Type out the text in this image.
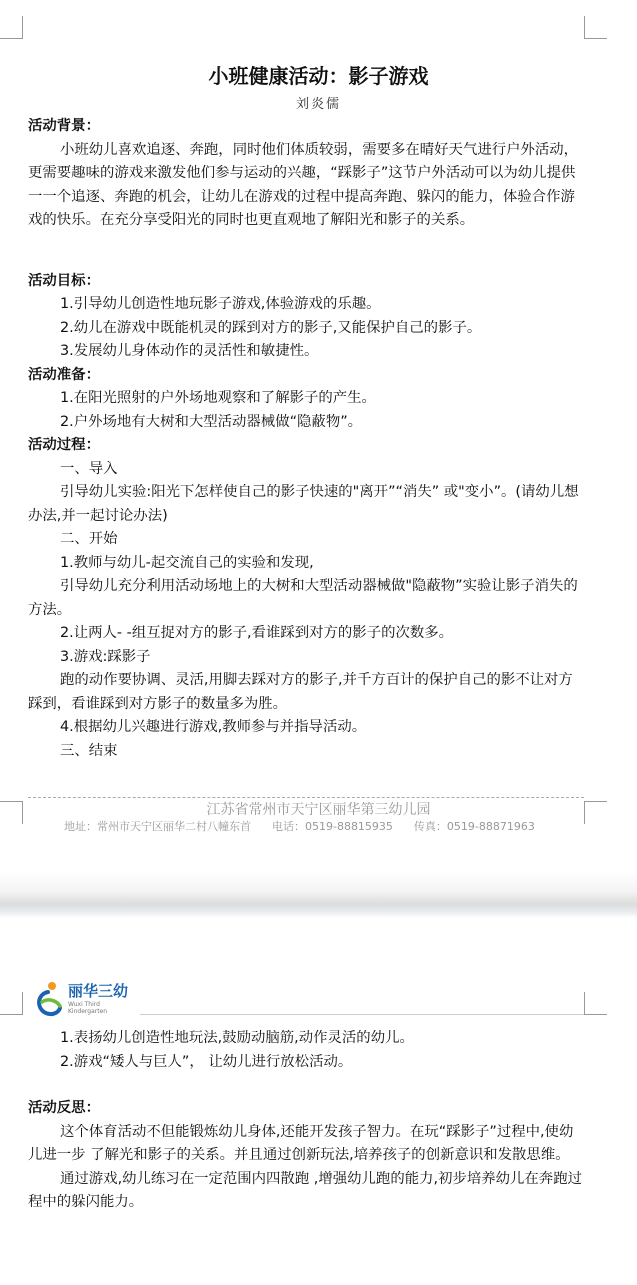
小班健康活动：影子游戏
刘炎儒

活动背景：

小班幼儿喜欢追逐、奔跑，同时他们体质较弱，需要多在晴好天气进行户外活动，更需要趣味的游戏来激发他们参与运动的兴趣，“踩影子”这节户外活动可以为幼儿提供一一个追逐、奔跑的机会，让幼儿在游戏的过程中提高奔跑、躲闪的能力，体验合作游戏的快乐。在充分享受阳光的同时也更直观地了解阳光和影子的关系。

活动目标：

1.引导幼儿创造性地玩影子游戏,体验游戏的乐趣。

2.幼儿在游戏中既能机灵的踩到对方的影子,又能保护自己的影子。

3.发展幼儿身体动作的灵活性和敏捷性。

活动准备：

1.在阳光照射的户外场地观察和了解影子的产生。

2.户外场地有大树和大型活动器械做“隐蔽物”。

活动过程：

一、导入

引导幼儿实验:阳光下怎样使自己的影子快速的"离开”“消失” 或"变小”。(请幼儿想办法,并一起讨论办法)

二、开始

1.教师与幼儿-起交流自己的实验和发现,

引导幼儿充分利用活动场地上的大树和大型活动器械做"隐蔽物”实验让影子消失的方法。

2.让两人- -组互捉对方的影子,看谁踩到对方的影子的次数多。

3.游戏:踩影子

跑的动作要协调、灵活,用脚去踩对方的影子,并千方百计的保护自己的影不让对方踩到，看谁踩到对方影子的数量多为胜。

4.根据幼儿兴趣进行游戏,教师参与并指导活动。

三、结束

江苏省常州市天宁区丽华第三幼儿园
地址：常州市天宁区丽华二村八幢东首      电话：0519-88815935      传真：0519-88871963
丽华三幼
Wuxi Third Kindergarten

1.表扬幼儿创造性地玩法,鼓励动脑筋,动作灵活的幼儿。

2.游戏“矮人与巨人”， 让幼儿进行放松活动。

活动反思：

这个体育活动不但能锻炼幼儿身体,还能开发孩子智力。在玩“踩影子”过程中,使幼儿进一步 了解光和影子的关系。并且通过创新玩法,培养孩子的创新意识和发散思维。

通过游戏,幼儿练习在一定范围内四散跑 ,增强幼儿跑的能力,初步培养幼儿在奔跑过程中的躲闪能力。
